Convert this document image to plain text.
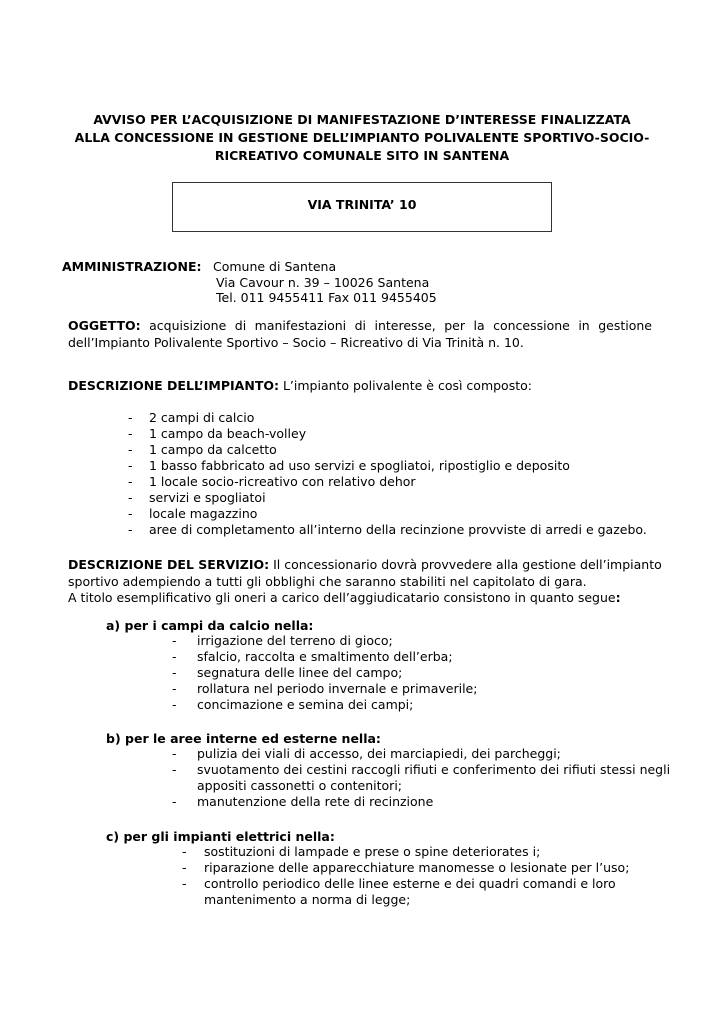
AVVISO PER L’ACQUISIZIONE DI MANIFESTAZIONE D’INTERESSE FINALIZZATA
ALLA CONCESSIONE IN GESTIONE DELL’IMPIANTO POLIVALENTE SPORTIVO-SOCIO-
RICREATIVO COMUNALE SITO IN SANTENA
VIA TRINITA’ 10
AMMINISTRAZIONE: Comune di Santena
Via Cavour n. 39 – 10026 Santena
Tel. 011 9455411 Fax 011 9455405
OGGETTO: acquisizione di manifestazioni di interesse, per la concessione in gestione
dell’Impianto Polivalente Sportivo – Socio – Ricreativo di Via Trinità n. 10.
DESCRIZIONE DELL’IMPIANTO: L’impianto polivalente è così composto:
- 2 campi di calcio
- 1 campo da beach-volley
- 1 campo da calcetto
- 1 basso fabbricato ad uso servizi e spogliatoi, ripostiglio e deposito
- 1 locale socio-ricreativo con relativo dehor
- servizi e spogliatoi
- locale magazzino
- aree di completamento all’interno della recinzione provviste di arredi e gazebo.
DESCRIZIONE DEL SERVIZIO: Il concessionario dovrà provvedere alla gestione dell’impianto
sportivo adempiendo a tutti gli obblighi che saranno stabiliti nel capitolato di gara.
A titolo esemplificativo gli oneri a carico dell’aggiudicatario consistono in quanto segue:
a) per i campi da calcio nella:
- irrigazione del terreno di gioco;
- sfalcio, raccolta e smaltimento dell’erba;
- segnatura delle linee del campo;
- rollatura nel periodo invernale e primaverile;
- concimazione e semina dei campi;
b) per le aree interne ed esterne nella:
- pulizia dei viali di accesso, dei marciapiedi, dei parcheggi;
- svuotamento dei cestini raccogli rifiuti e conferimento dei rifiuti stessi negli
appositi cassonetti o contenitori;
- manutenzione della rete di recinzione
c) per gli impianti elettrici nella:
- sostituzioni di lampade e prese o spine deteriorates i;
- riparazione delle apparecchiature manomesse o lesionate per l’uso;
- controllo periodico delle linee esterne e dei quadri comandi e loro
mantenimento a norma di legge;
